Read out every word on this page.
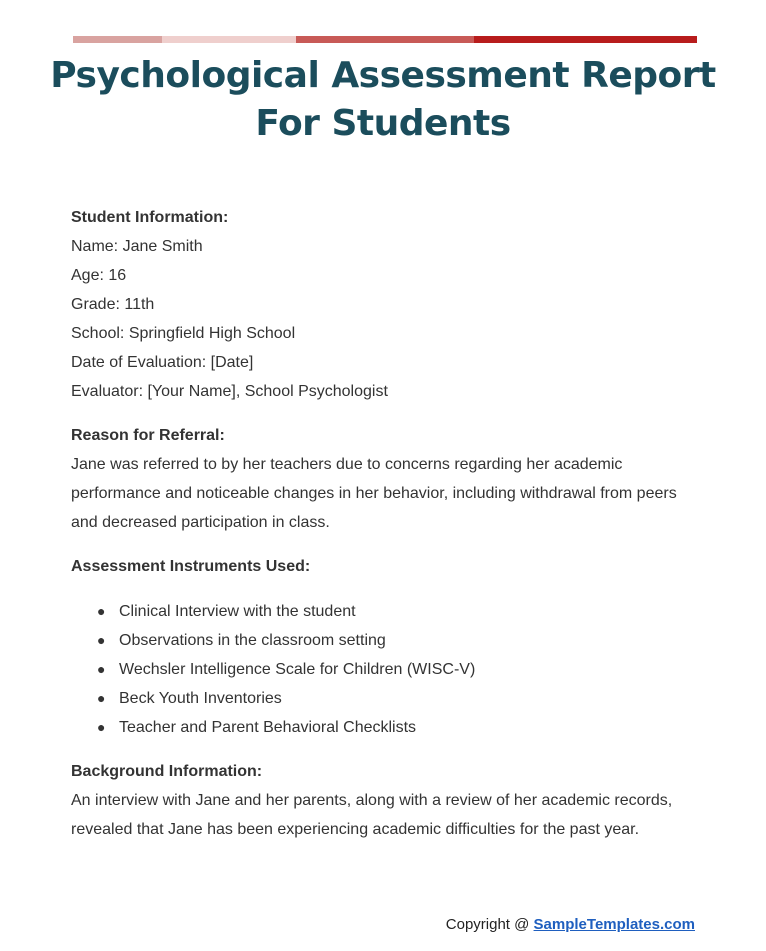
Psychological Assessment Report For Students

Student Information:

Name: Jane Smith

Age: 16

Grade: 11th

School: Springfield High School

Date of Evaluation: [Date]

Evaluator: [Your Name], School Psychologist

Reason for Referral:

Jane was referred to by her teachers due to concerns regarding her academic

performance and noticeable changes in her behavior, including withdrawal from peers

and decreased participation in class.

Assessment Instruments Used:

● Clinical Interview with the student
● Observations in the classroom setting
● Wechsler Intelligence Scale for Children (WISC-V)
● Beck Youth Inventories
● Teacher and Parent Behavioral Checklists

Background Information:

An interview with Jane and her parents, along with a review of her academic records,

revealed that Jane has been experiencing academic difficulties for the past year.

Copyright @ SampleTemplates.com
